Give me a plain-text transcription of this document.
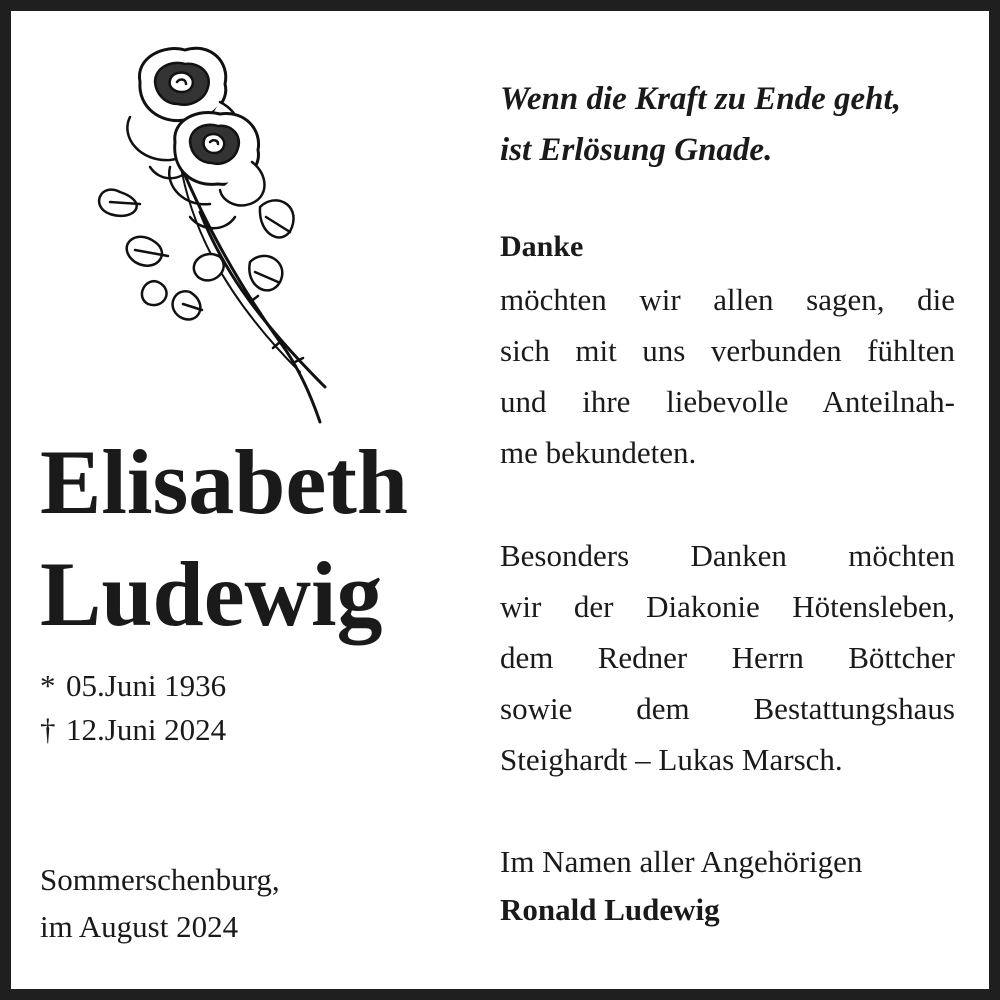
Elisabeth
Ludewig
* 05.Juni 1936
† 12.Juni 2024
Sommerschenburg,
im August 2024
Wenn die Kraft zu Ende geht,
ist Erlösung Gnade.
Danke
möchten wir allen sagen, die
sich mit uns verbunden fühlten
und ihre liebevolle Anteilnah-
me bekundeten.
Besonders Danken möchten
wir der Diakonie Hötensleben,
dem Redner Herrn Böttcher
sowie dem Bestattungshaus
Steighardt – Lukas Marsch.
Im Namen aller Angehörigen
Ronald Ludewig
